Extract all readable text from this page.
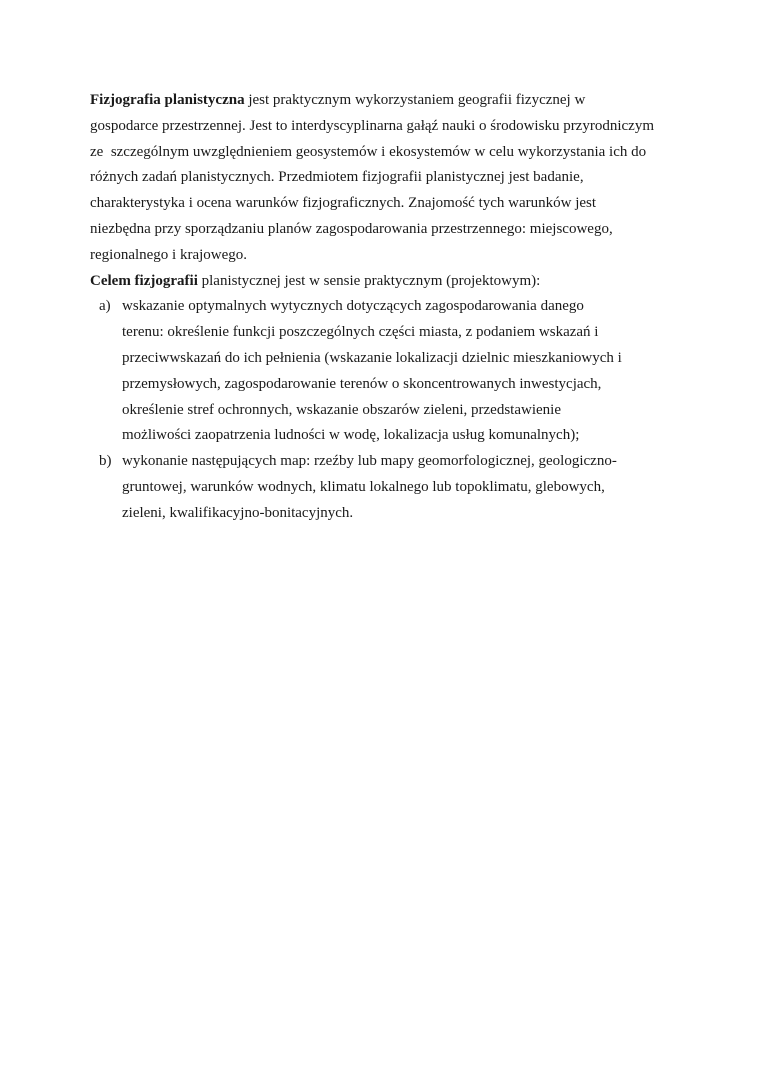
Fizjografia planistyczna jest praktycznym wykorzystaniem geografii fizycznej w
gospodarce przestrzennej. Jest to interdyscyplinarna gałąź nauki o środowisku przyrodniczym
ze  szczególnym uwzględnieniem geosystemów i ekosystemów w celu wykorzystania ich do
różnych zadań planistycznych. Przedmiotem fizjografii planistycznej jest badanie,
charakterystyka i ocena warunków fizjograficznych. Znajomość tych warunków jest
niezbędna przy sporządzaniu planów zagospodarowania przestrzennego: miejscowego,
regionalnego i krajowego.
Celem fizjografii planistycznej jest w sensie praktycznym (projektowym):
a) wskazanie optymalnych wytycznych dotyczących zagospodarowania danego
terenu: określenie funkcji poszczególnych części miasta, z podaniem wskazań i
przeciwwskazań do ich pełnienia (wskazanie lokalizacji dzielnic mieszkaniowych i
przemysłowych, zagospodarowanie terenów o skoncentrowanych inwestycjach,
określenie stref ochronnych, wskazanie obszarów zieleni, przedstawienie
możliwości zaopatrzenia ludności w wodę, lokalizacja usług komunalnych);
b) wykonanie następujących map: rzeźby lub mapy geomorfologicznej, geologiczno-
gruntowej, warunków wodnych, klimatu lokalnego lub topoklimatu, glebowych,
zieleni, kwalifikacyjno-bonitacyjnych.
